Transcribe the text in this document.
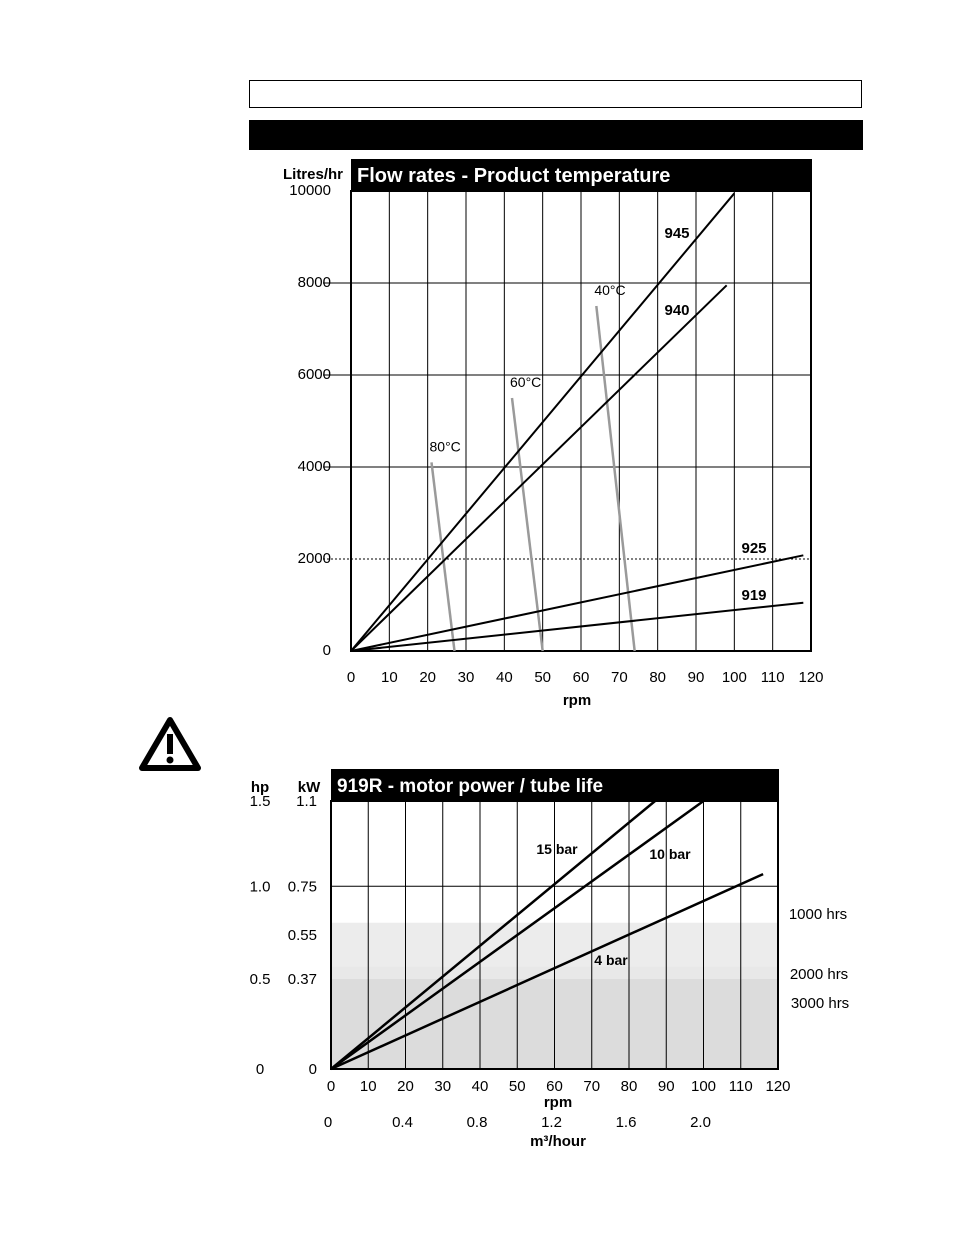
Flow rates - Product temperature
0 10 20 30 40 50 60 70 80 90 100 110 120
0
2000
4000
6000
8000
10000
Litres/hr
rpm
80°C
60°C
40°C
945
940
925
919
919R - motor power / tube life
0 10 20 30 40 50 60 70 80 90 100 110 120
0	0.4	0.8	1.2	1.6	2.0
0
0
0.37
0.5
0.55
0.75
1.0
1.1
1.5
hp kW
rpm
m³/hour
15 bar	10 bar
4 bar
1000 hrs
2000 hrs
3000 hrs
